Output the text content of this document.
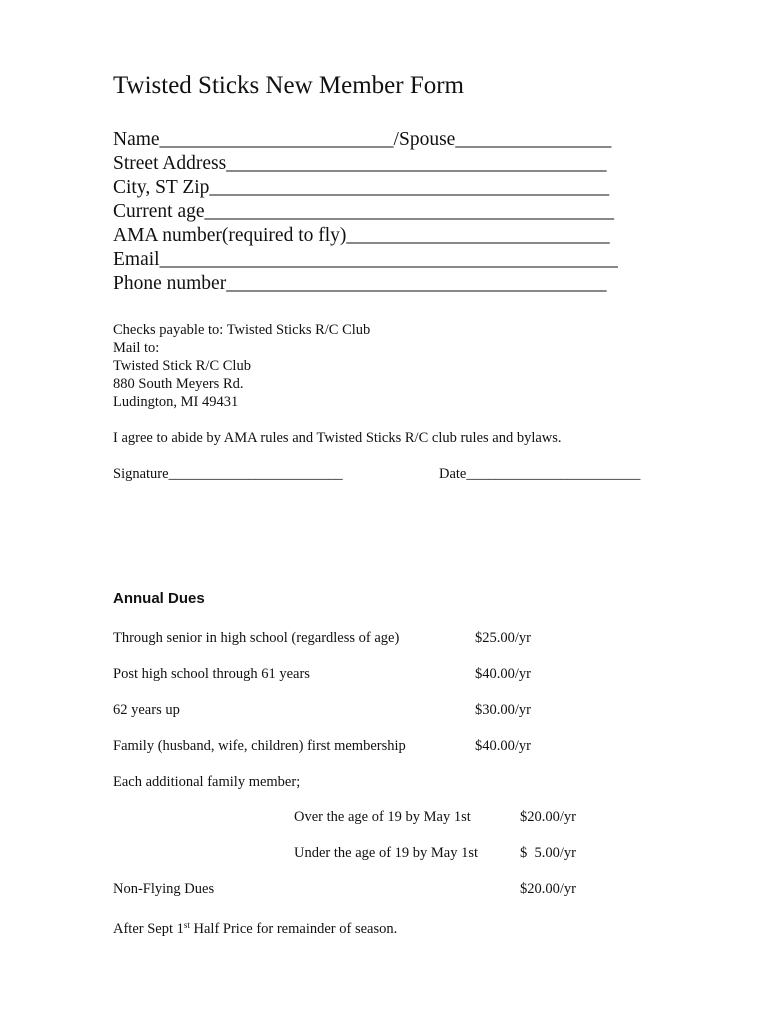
Twisted Sticks New Member Form
Name________________________/Spouse________________
Street Address_______________________________________
City, ST Zip_________________________________________
Current age__________________________________________
AMA number(required to fly)___________________________
Email_______________________________________________
Phone number_______________________________________
Checks payable to: Twisted Sticks R/C Club
Mail to:
Twisted Stick R/C Club
880 South Meyers Rd.
Ludington, MI 49431
I agree to abide by AMA rules and Twisted Sticks R/C club rules and bylaws.
Signature________________________	Date________________________
Annual Dues
Through senior in high school (regardless of age)	$25.00/yr
Post high school through 61 years	$40.00/yr
62 years up	$30.00/yr
Family (husband, wife, children) first membership	$40.00/yr
Each additional family member;
Over the age of 19 by May 1st	$20.00/yr
Under the age of 19 by May 1st	$  5.00/yr
Non-Flying Dues	$20.00/yr
After Sept 1st Half Price for remainder of season.
